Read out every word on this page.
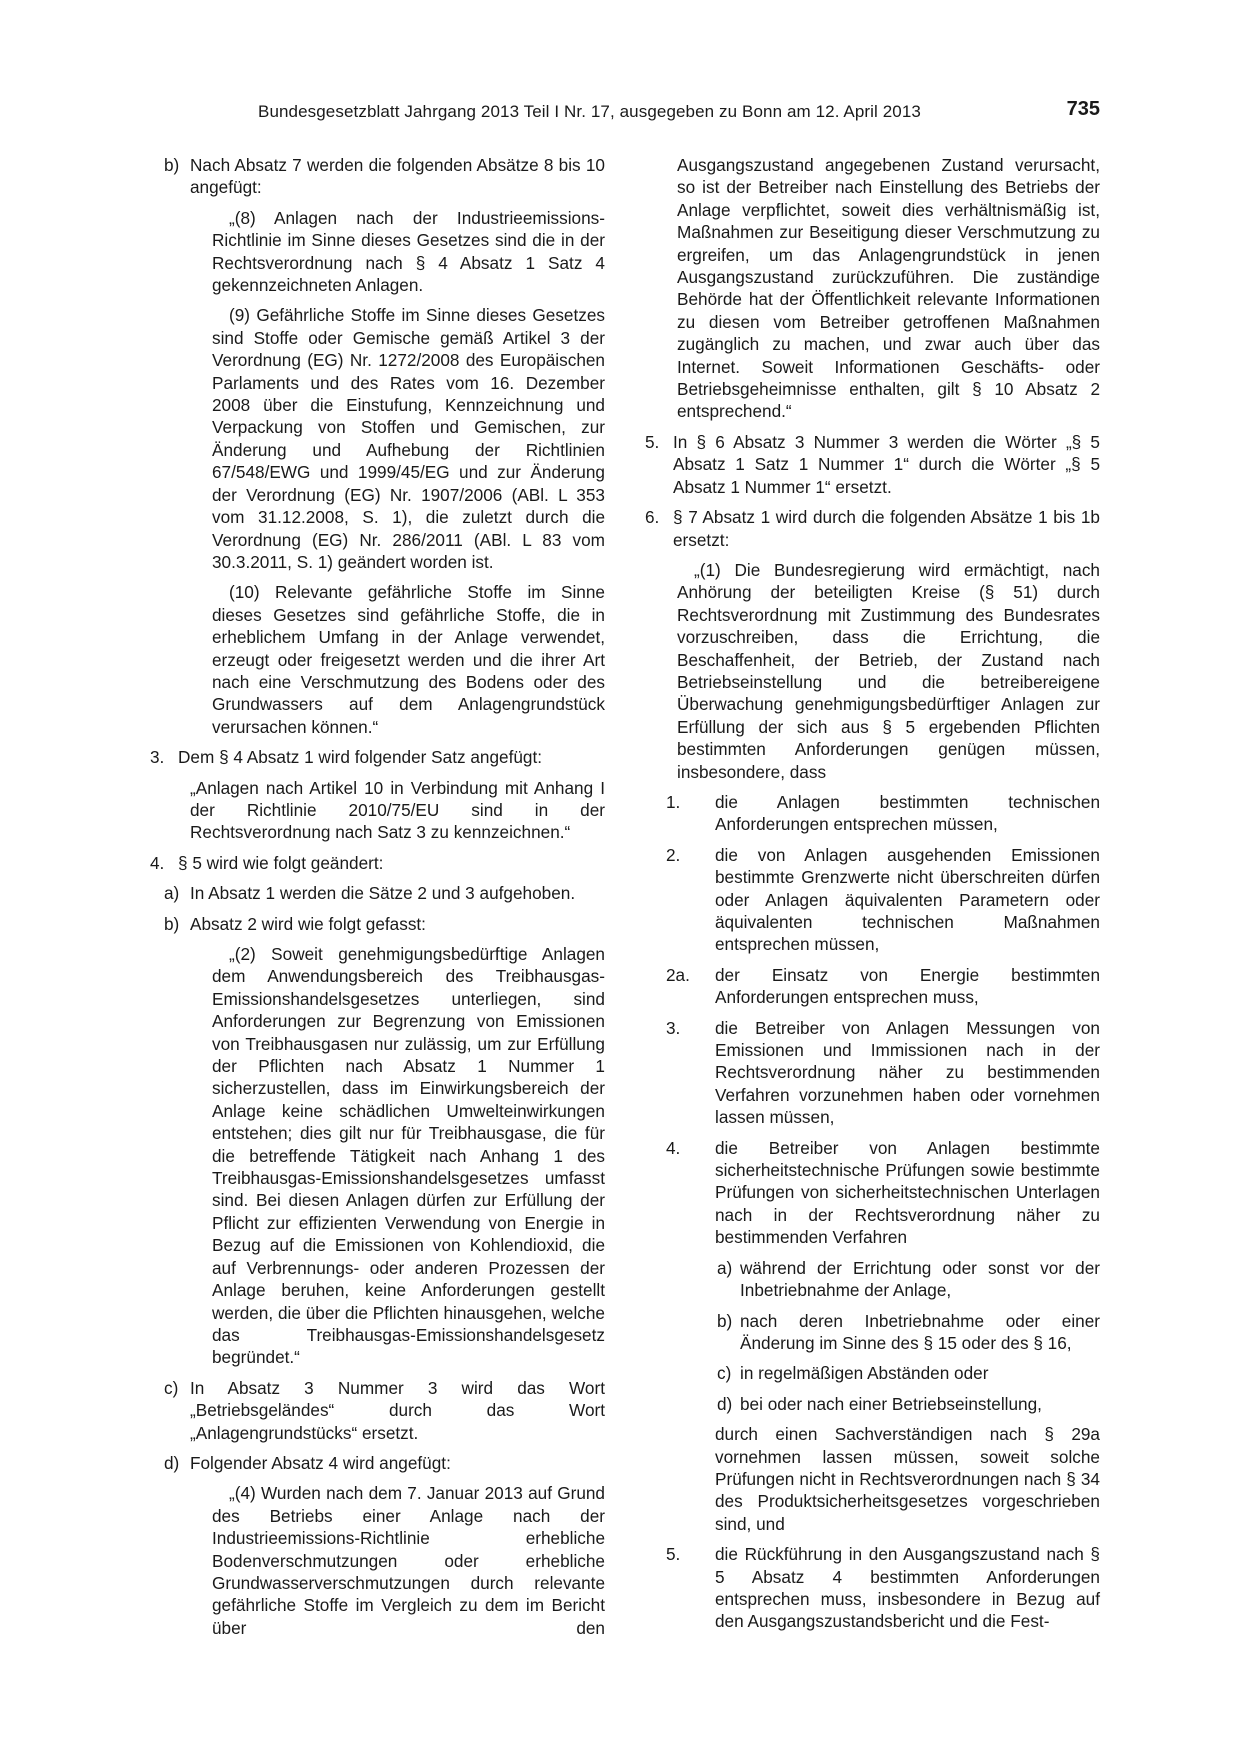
Bundesgesetzblatt Jahrgang 2013 Teil I Nr. 17, ausgegeben zu Bonn am 12. April 2013	735
b) Nach Absatz 7 werden die folgenden Absätze 8 bis 10 angefügt:

„(8) Anlagen nach der Industrieemissions-Richtlinie im Sinne dieses Gesetzes sind die in der Rechtsverordnung nach § 4 Absatz 1 Satz 4 gekennzeichneten Anlagen.

(9) Gefährliche Stoffe im Sinne dieses Gesetzes sind Stoffe oder Gemische gemäß Artikel 3 der Verordnung (EG) Nr. 1272/2008 des Europäischen Parlaments und des Rates vom 16. Dezember 2008 über die Einstufung, Kennzeichnung und Verpackung von Stoffen und Gemischen, zur Änderung und Aufhebung der Richtlinien 67/548/EWG und 1999/45/EG und zur Änderung der Verordnung (EG) Nr. 1907/2006 (ABl. L 353 vom 31.12.2008, S. 1), die zuletzt durch die Verordnung (EG) Nr. 286/2011 (ABl. L 83 vom 30.3.2011, S. 1) geändert worden ist.

(10) Relevante gefährliche Stoffe im Sinne dieses Gesetzes sind gefährliche Stoffe, die in erheblichem Umfang in der Anlage verwendet, erzeugt oder freigesetzt werden und die ihrer Art nach eine Verschmutzung des Bodens oder des Grundwassers auf dem Anlagengrundstück verursachen können.“

3. Dem § 4 Absatz 1 wird folgender Satz angefügt:

„Anlagen nach Artikel 10 in Verbindung mit Anhang I der Richtlinie 2010/75/EU sind in der Rechtsverordnung nach Satz 3 zu kennzeichnen.“

4. § 5 wird wie folgt geändert:
a) In Absatz 1 werden die Sätze 2 und 3 aufgehoben.
b) Absatz 2 wird wie folgt gefasst:

„(2) Soweit genehmigungsbedürftige Anlagen dem Anwendungsbereich des Treibhausgas-Emissionshandelsgesetzes unterliegen, sind Anforderungen zur Begrenzung von Emissionen von Treibhausgasen nur zulässig, um zur Erfüllung der Pflichten nach Absatz 1 Nummer 1 sicherzustellen, dass im Einwirkungsbereich der Anlage keine schädlichen Umwelteinwirkungen entstehen; dies gilt nur für Treibhausgase, die für die betreffende Tätigkeit nach Anhang 1 des Treibhausgas-Emissionshandelsgesetzes umfasst sind. Bei diesen Anlagen dürfen zur Erfüllung der Pflicht zur effizienten Verwendung von Energie in Bezug auf die Emissionen von Kohlendioxid, die auf Verbrennungs- oder anderen Prozessen der Anlage beruhen, keine Anforderungen gestellt werden, die über die Pflichten hinausgehen, welche das Treibhausgas-Emissionshandelsgesetz begründet.“

c) In Absatz 3 Nummer 3 wird das Wort „Betriebsgeländes“ durch das Wort „Anlagengrundstücks“ ersetzt.
d) Folgender Absatz 4 wird angefügt:

„(4) Wurden nach dem 7. Januar 2013 auf Grund des Betriebs einer Anlage nach der Industrieemissions-Richtlinie erhebliche Bodenverschmutzungen oder erhebliche Grundwasserverschmutzungen durch relevante gefährliche Stoffe im Vergleich zu dem im Bericht über den

Ausgangszustand angegebenen Zustand verursacht, so ist der Betreiber nach Einstellung des Betriebs der Anlage verpflichtet, soweit dies verhältnismäßig ist, Maßnahmen zur Beseitigung dieser Verschmutzung zu ergreifen, um das Anlagengrundstück in jenen Ausgangszustand zurückzuführen. Die zuständige Behörde hat der Öffentlichkeit relevante Informationen zu diesen vom Betreiber getroffenen Maßnahmen zugänglich zu machen, und zwar auch über das Internet. Soweit Informationen Geschäfts- oder Betriebsgeheimnisse enthalten, gilt § 10 Absatz 2 entsprechend.“

5. In § 6 Absatz 3 Nummer 3 werden die Wörter „§ 5 Absatz 1 Satz 1 Nummer 1“ durch die Wörter „§ 5 Absatz 1 Nummer 1“ ersetzt.
6. § 7 Absatz 1 wird durch die folgenden Absätze 1 bis 1b ersetzt:

„(1) Die Bundesregierung wird ermächtigt, nach Anhörung der beteiligten Kreise (§ 51) durch Rechtsverordnung mit Zustimmung des Bundesrates vorzuschreiben, dass die Errichtung, die Beschaffenheit, der Betrieb, der Zustand nach Betriebseinstellung und die betreibereigene Überwachung genehmigungsbedürftiger Anlagen zur Erfüllung der sich aus § 5 ergebenden Pflichten bestimmten Anforderungen genügen müssen, insbesondere, dass

1. die Anlagen bestimmten technischen Anforderungen entsprechen müssen,
2. die von Anlagen ausgehenden Emissionen bestimmte Grenzwerte nicht überschreiten dürfen oder Anlagen äquivalenten Parametern oder äquivalenten technischen Maßnahmen entsprechen müssen,
2a. der Einsatz von Energie bestimmten Anforderungen entsprechen muss,
3. die Betreiber von Anlagen Messungen von Emissionen und Immissionen nach in der Rechtsverordnung näher zu bestimmenden Verfahren vorzunehmen haben oder vornehmen lassen müssen,
4. die Betreiber von Anlagen bestimmte sicherheitstechnische Prüfungen sowie bestimmte Prüfungen von sicherheitstechnischen Unterlagen nach in der Rechtsverordnung näher zu bestimmenden Verfahren
a) während der Errichtung oder sonst vor der Inbetriebnahme der Anlage,
b) nach deren Inbetriebnahme oder einer Änderung im Sinne des § 15 oder des § 16,
c) in regelmäßigen Abständen oder
d) bei oder nach einer Betriebseinstellung,

durch einen Sachverständigen nach § 29a vornehmen lassen müssen, soweit solche Prüfungen nicht in Rechtsverordnungen nach § 34 des Produktsicherheitsgesetzes vorgeschrieben sind, und

5. die Rückführung in den Ausgangszustand nach § 5 Absatz 4 bestimmten Anforderungen entsprechen muss, insbesondere in Bezug auf den Ausgangszustandsbericht und die Fest-
